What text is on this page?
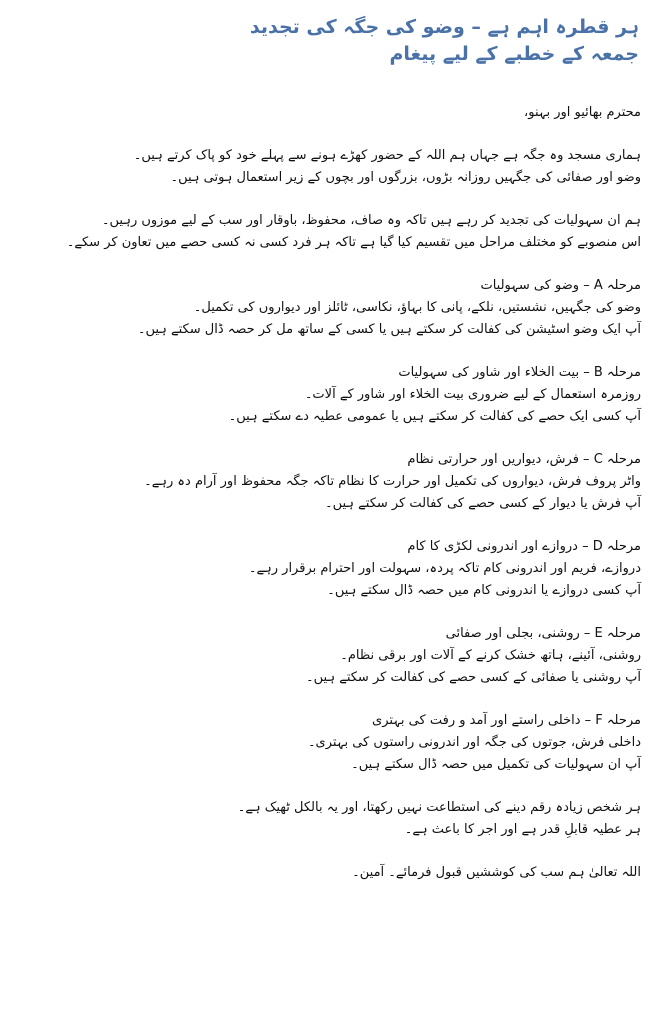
ہر قطرہ اہم ہے – وضو کی جگہ کی تجدید
جمعہ کے خطبے کے لیے پیغام

محترم بھائیو اور بہنو،

ہماری مسجد وہ جگہ ہے جہاں ہم اللہ کے حضور کھڑے ہونے سے پہلے خود کو پاک کرتے ہیں۔
وضو اور صفائی کی جگہیں روزانہ بڑوں، بزرگوں اور بچوں کے زیر استعمال ہوتی ہیں۔

ہم ان سہولیات کی تجدید کر رہے ہیں تاکہ وہ صاف، محفوظ، باوقار اور سب کے لیے موزوں رہیں۔
اس منصوبے کو مختلف مراحل میں تقسیم کیا گیا ہے تاکہ ہر فرد کسی نہ کسی حصے میں تعاون کر سکے۔

مرحلہ A – وضو کی سہولیات
وضو کی جگہیں، نشستیں، نلکے، پانی کا بہاؤ، نکاسی، ٹائلز اور دیواروں کی تکمیل۔
آپ ایک وضو اسٹیشن کی کفالت کر سکتے ہیں یا کسی کے ساتھ مل کر حصہ ڈال سکتے ہیں۔

مرحلہ B – بیت الخلاء اور شاور کی سہولیات
روزمرہ استعمال کے لیے ضروری بیت الخلاء اور شاور کے آلات۔
آپ کسی ایک حصے کی کفالت کر سکتے ہیں یا عمومی عطیہ دے سکتے ہیں۔

مرحلہ C – فرش، دیواریں اور حرارتی نظام
واٹر پروف فرش، دیواروں کی تکمیل اور حرارت کا نظام تاکہ جگہ محفوظ اور آرام دہ رہے۔
آپ فرش یا دیوار کے کسی حصے کی کفالت کر سکتے ہیں۔

مرحلہ D – دروازے اور اندرونی لکڑی کا کام
دروازے، فریم اور اندرونی کام تاکہ پردہ، سہولت اور احترام برقرار رہے۔
آپ کسی دروازے یا اندرونی کام میں حصہ ڈال سکتے ہیں۔

مرحلہ E – روشنی، بجلی اور صفائی
روشنی، آئینے، ہاتھ خشک کرنے کے آلات اور برقی نظام۔
آپ روشنی یا صفائی کے کسی حصے کی کفالت کر سکتے ہیں۔

مرحلہ F – داخلی راستے اور آمد و رفت کی بہتری
داخلی فرش، جوتوں کی جگہ اور اندرونی راستوں کی بہتری۔
آپ ان سہولیات کی تکمیل میں حصہ ڈال سکتے ہیں۔

ہر شخص زیادہ رقم دینے کی استطاعت نہیں رکھتا، اور یہ بالکل ٹھیک ہے۔
ہر عطیہ قابلِ قدر ہے اور اجر کا باعث ہے۔

اللہ تعالیٰ ہم سب کی کوششیں قبول فرمائے۔ آمین۔
